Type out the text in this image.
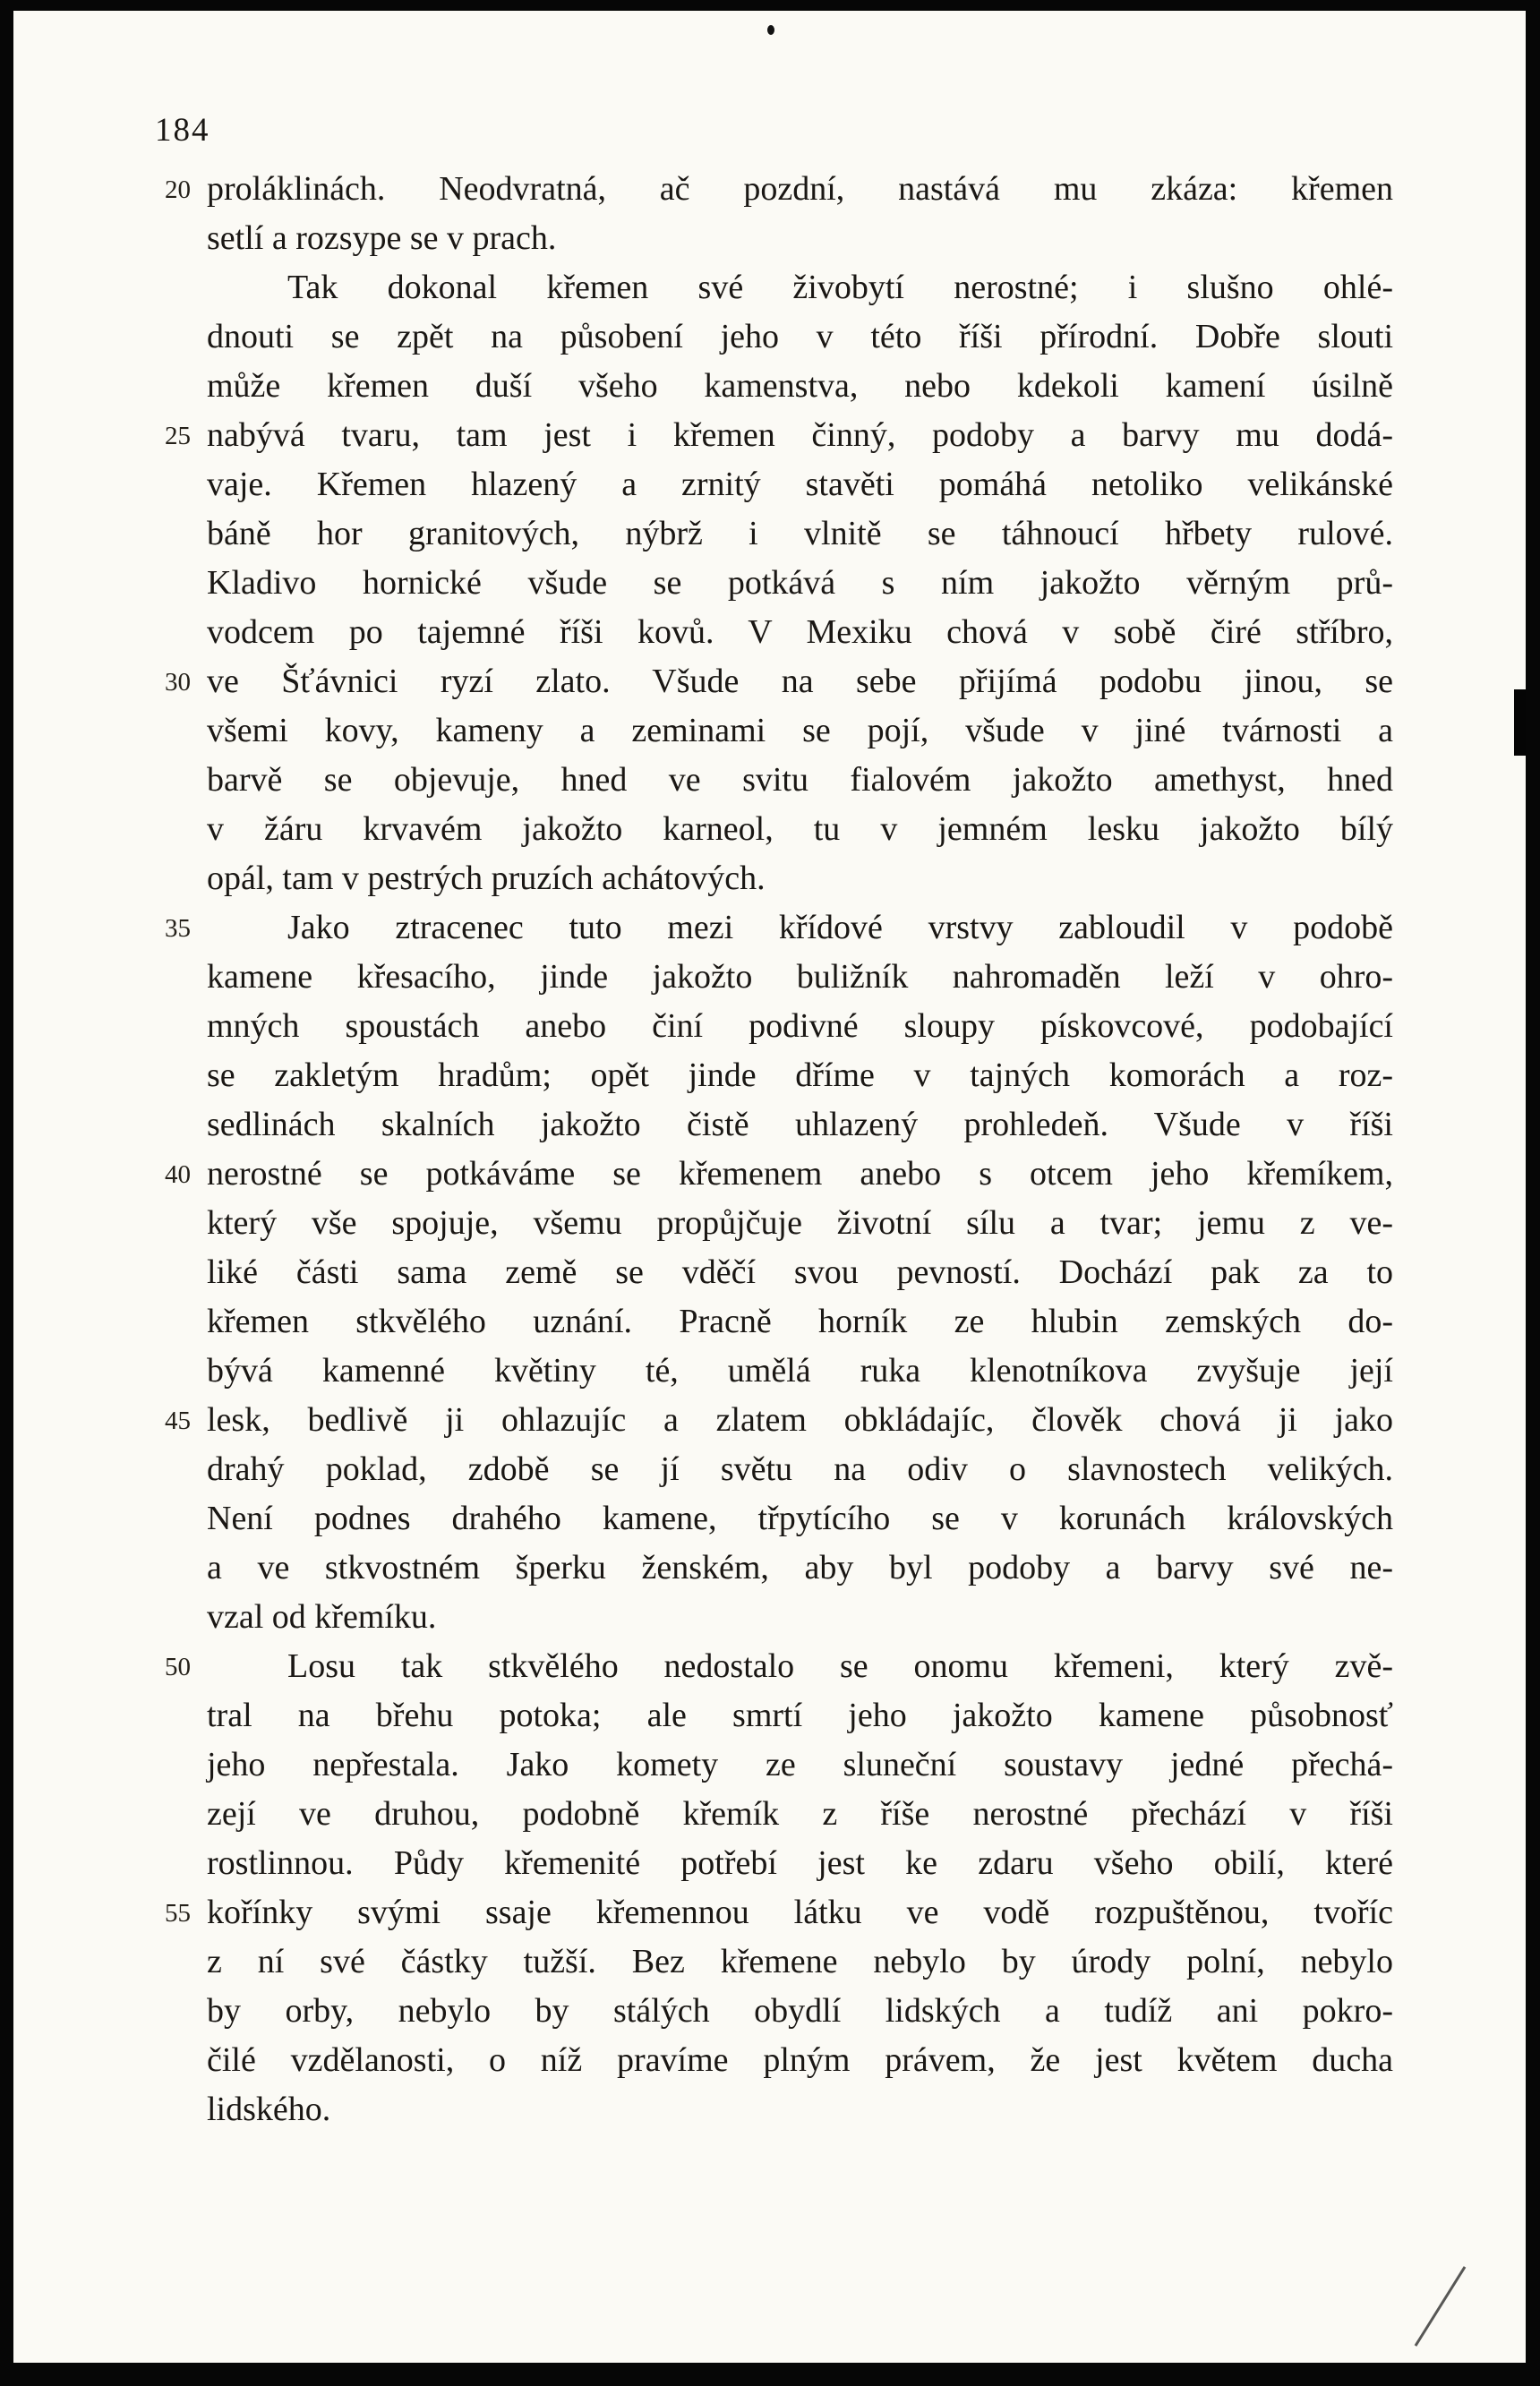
184
20 proláklinách. Neodvratná, ač pozdní, nastává mu zkáza: křemen
setlí a rozsype se v prach.
Tak dokonal křemen své živobytí nerostné; i slušno ohlé-
dnouti se zpět na působení jeho v této říši přírodní. Dobře slouti
může křemen duší všeho kamenstva, nebo kdekoli kamení úsilně
25 nabývá tvaru, tam jest i křemen činný, podoby a barvy mu dodá-
vaje. Křemen hlazený a zrnitý stavěti pomáhá netoliko velikánské
báně hor granitových, nýbrž i vlnitě se táhnoucí hřbety rulové.
Kladivo hornické všude se potkává s ním jakožto věrným prů-
vodcem po tajemné říši kovů. V Mexiku chová v sobě čiré stříbro,
30 ve Šťávnici ryzí zlato. Všude na sebe přijímá podobu jinou, se
všemi kovy, kameny a zeminami se pojí, všude v jiné tvárnosti a
barvě se objevuje, hned ve svitu fialovém jakožto amethyst, hned
v žáru krvavém jakožto karneol, tu v jemném lesku jakožto bílý
opál, tam v pestrých pruzích achátových.
35	Jako ztracenec tuto mezi křídové vrstvy zabloudil v podobě
kamene křesacího, jinde jakožto buližník nahromaděn leží v ohro-
mných spoustách anebo činí podivné sloupy pískovcové, podobající
se zakletým hradům; opět jinde dříme v tajných komorách a roz-
sedlinách skalních jakožto čistě uhlazený prohledeň. Všude v říši
40 nerostné se potkáváme se křemenem anebo s otcem jeho křemíkem,
který vše spojuje, všemu propůjčuje životní sílu a tvar; jemu z ve-
liké části sama země se vděčí svou pevností. Dochází pak za to
křemen stkvělého uznání. Pracně horník ze hlubin zemských do-
bývá kamenné květiny té, umělá ruka klenotníkova zvyšuje její
45 lesk, bedlivě ji ohlazujíc a zlatem obkládajíc, člověk chová ji jako
drahý poklad, zdobě se jí světu na odiv o slavnostech velikých.
Není podnes drahého kamene, třpytícího se v korunách královských
a ve stkvostném šperku ženském, aby byl podoby a barvy své ne-
vzal od křemíku.
50	Losu tak stkvělého nedostalo se onomu křemeni, který zvě-
tral na břehu potoka; ale smrtí jeho jakožto kamene působnosť
jeho nepřestala. Jako komety ze sluneční soustavy jedné přechá-
zejí ve druhou, podobně křemík z říše nerostné přechází v říši
rostlinnou. Půdy křemenité potřebí jest ke zdaru všeho obilí, které
55 kořínky svými ssaje křemennou látku ve vodě rozpuštěnou, tvoříc
z ní své částky tužší. Bez křemene nebylo by úrody polní, nebylo
by orby, nebylo by stálých obydlí lidských a tudíž ani pokro-
čilé vzdělanosti, o níž pravíme plným právem, že jest květem ducha
lidského.
